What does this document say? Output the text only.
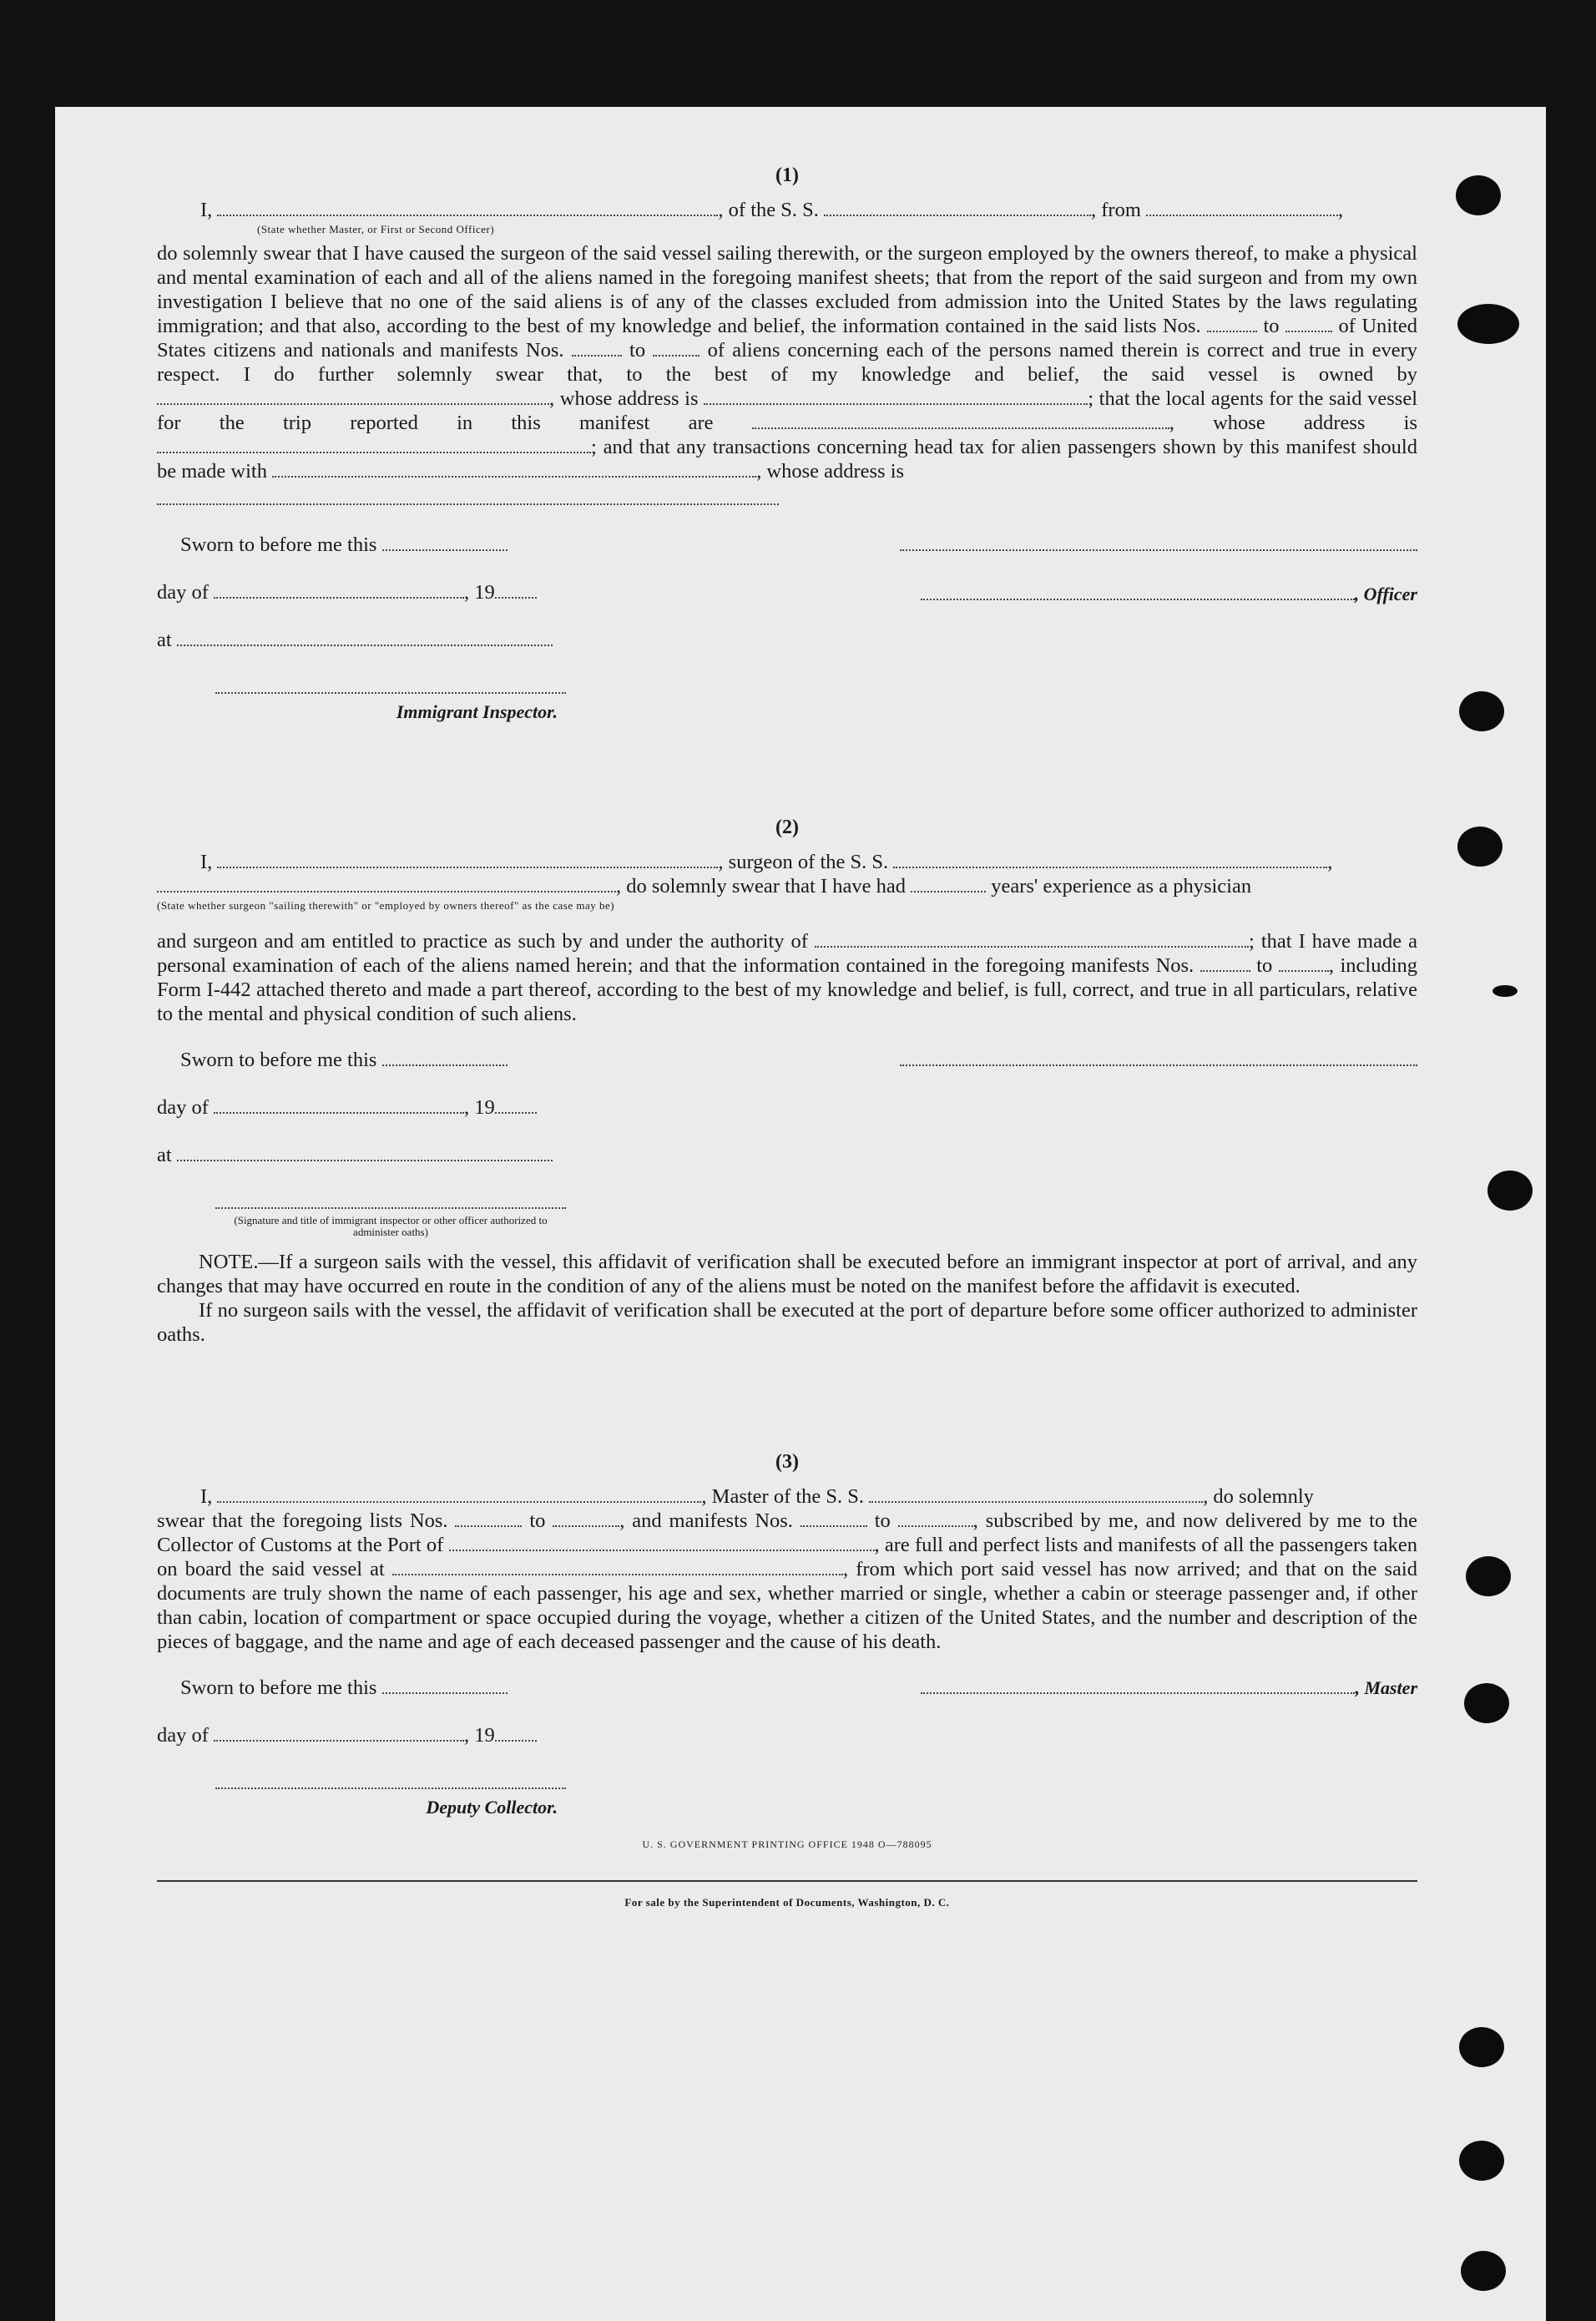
(1)
I,	, of the S. S.	, from	,
(State whether Master, or First or Second Officer)

do solemnly swear that I have caused the surgeon of the said vessel sailing therewith, or the surgeon employed by the owners thereof, to make a physical and mental examination of each and all of the aliens named in the foregoing manifest sheets; that from the report of the said surgeon and from my own investigation I believe that no one of the said aliens is of any of the classes excluded from admission into the United States by the laws regulating immigration; and that also, according to the best of my knowledge and belief, the information contained in the said lists Nos.	to	of United States citizens and nationals and manifests Nos.	to	of aliens concerning each of the persons named therein is correct and true in every respect. I do further solemnly swear that, to the best of my knowledge and belief, the said vessel is owned by , whose address is	; that the local agents for the said vessel for the trip reported in this manifest are	, whose address is ; and that any transactions concerning head tax for alien passengers shown by this manifest should be made with	, whose address is

Sworn to before me this
day of	, 19
at
Immigrant Inspector.
, Officer
(2)
I,	, surgeon of the S. S.	,
, do solemnly swear that I have had	years' experience as a physician
(State whether surgeon "sailing therewith" or "employed by owners thereof" as the case may be)

and surgeon and am entitled to practice as such by and under the authority of	; that I have made a personal examination of each of the aliens named herein; and that the information contained in the foregoing manifests Nos.	to	, including Form I-442 attached thereto and made a part thereof, according to the best of my knowledge and belief, is full, correct, and true in all particulars, relative to the mental and physical condition of such aliens.

Sworn to before me this
day of	, 19
at
(Signature and title of immigrant inspector or other officer authorized to administer oaths)

NOTE.—If a surgeon sails with the vessel, this affidavit of verification shall be executed before an immigrant inspector at port of arrival, and any changes that may have occurred en route in the condition of any of the aliens must be noted on the manifest before the affidavit is executed.

If no surgeon sails with the vessel, the affidavit of verification shall be executed at the port of departure before some officer authorized to administer oaths.

(3)
I,	, Master of the S. S.	, do solemnly

swear that the foregoing lists Nos.	to	, and manifests Nos.	to	, subscribed by me, and now delivered by me to the Collector of Customs at the Port of	, are full and perfect lists and manifests of all the passengers taken on board the said vessel at	, from which port said vessel has now arrived; and that on the said documents are truly shown the name of each passenger, his age and sex, whether married or single, whether a cabin or steerage passenger and, if other than cabin, location of compartment or space occupied during the voyage, whether a citizen of the United States, and the number and description of the pieces of baggage, and the name and age of each deceased passenger and the cause of his death.

Sworn to before me this
day of	, 19
Deputy Collector.
, Master
U. S. GOVERNMENT PRINTING OFFICE 1948 O—788095
For sale by the Superintendent of Documents, Washington, D. C.
